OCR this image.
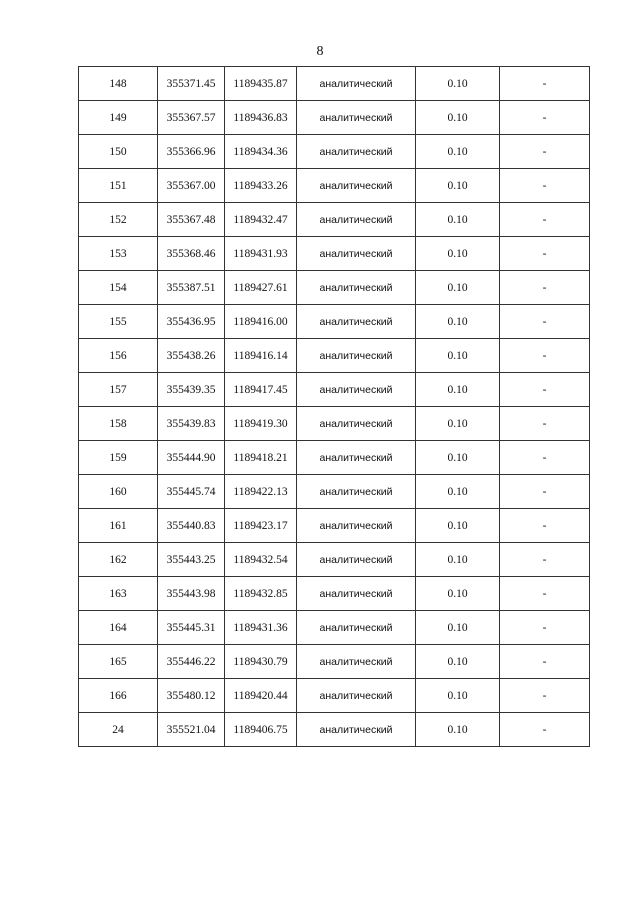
8
148	355371.45	1189435.87	аналитический	0.10	-
149	355367.57	1189436.83	аналитический	0.10	-
150	355366.96	1189434.36	аналитический	0.10	-
151	355367.00	1189433.26	аналитический	0.10	-
152	355367.48	1189432.47	аналитический	0.10	-
153	355368.46	1189431.93	аналитический	0.10	-
154	355387.51	1189427.61	аналитический	0.10	-
155	355436.95	1189416.00	аналитический	0.10	-
156	355438.26	1189416.14	аналитический	0.10	-
157	355439.35	1189417.45	аналитический	0.10	-
158	355439.83	1189419.30	аналитический	0.10	-
159	355444.90	1189418.21	аналитический	0.10	-
160	355445.74	1189422.13	аналитический	0.10	-
161	355440.83	1189423.17	аналитический	0.10	-
162	355443.25	1189432.54	аналитический	0.10	-
163	355443.98	1189432.85	аналитический	0.10	-
164	355445.31	1189431.36	аналитический	0.10	-
165	355446.22	1189430.79	аналитический	0.10	-
166	355480.12	1189420.44	аналитический	0.10	-
24	355521.04	1189406.75	аналитический	0.10	-
